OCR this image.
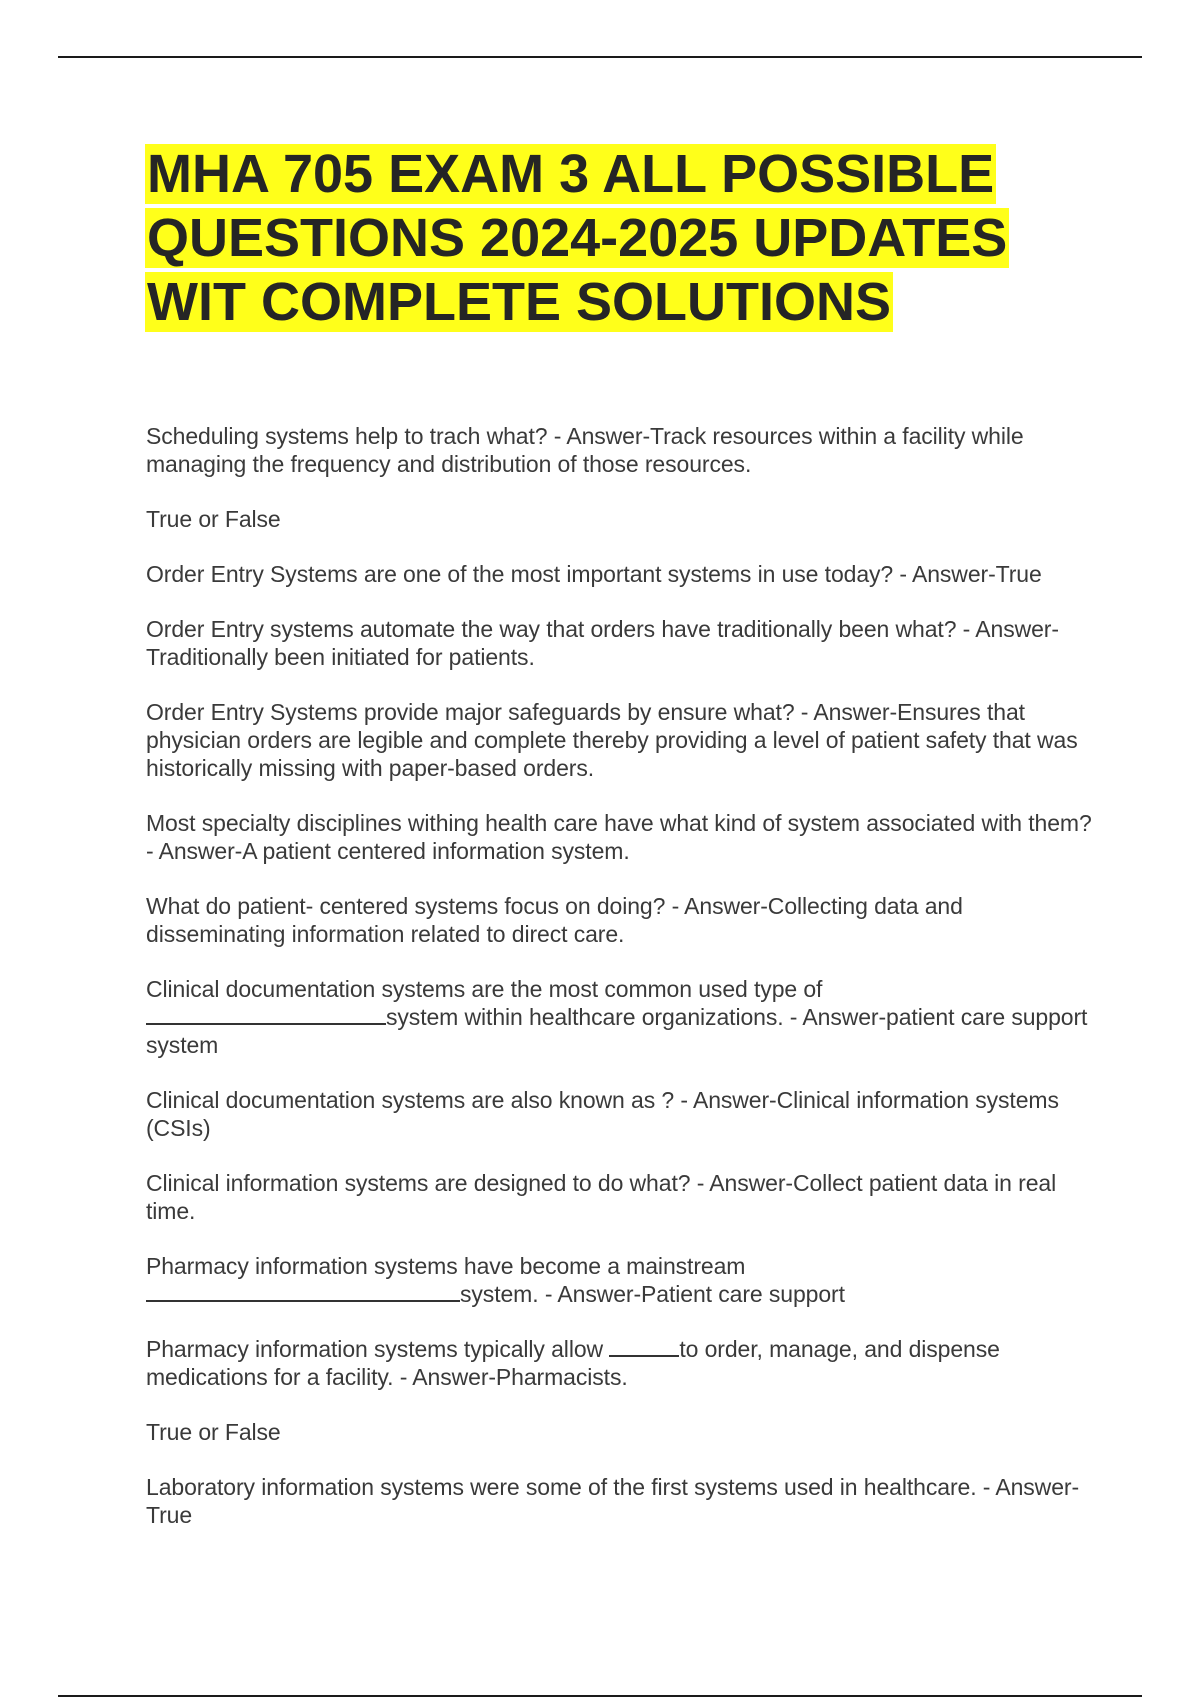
MHA 705 EXAM 3 ALL POSSIBLE
QUESTIONS 2024-2025 UPDATES
WIT COMPLETE SOLUTIONS

Scheduling systems help to trach what? - Answer-Track resources within a facility while managing the frequency and distribution of those resources.

True or False

Order Entry Systems are one of the most important systems in use today? - Answer-True

Order Entry systems automate the way that orders have traditionally been what? - Answer-Traditionally been initiated for patients.

Order Entry Systems provide major safeguards by ensure what? - Answer-Ensures that physician orders are legible and complete thereby providing a level of patient safety that was historically missing with paper-based orders.

Most specialty disciplines withing health care have what kind of system associated with them? - Answer-A patient centered information system.

What do patient- centered systems focus on doing? - Answer-Collecting data and disseminating information related to direct care.

Clinical documentation systems are the most common used type of
system within healthcare organizations. - Answer-patient care support system

Clinical documentation systems are also known as ? - Answer-Clinical information systems (CSIs)

Clinical information systems are designed to do what? - Answer-Collect patient data in real time.

Pharmacy information systems have become a mainstream
system. - Answer-Patient care support

Pharmacy information systems typically allow	to order, manage, and dispense medications for a facility. - Answer-Pharmacists.

True or False

Laboratory information systems were some of the first systems used in healthcare. - Answer-True
